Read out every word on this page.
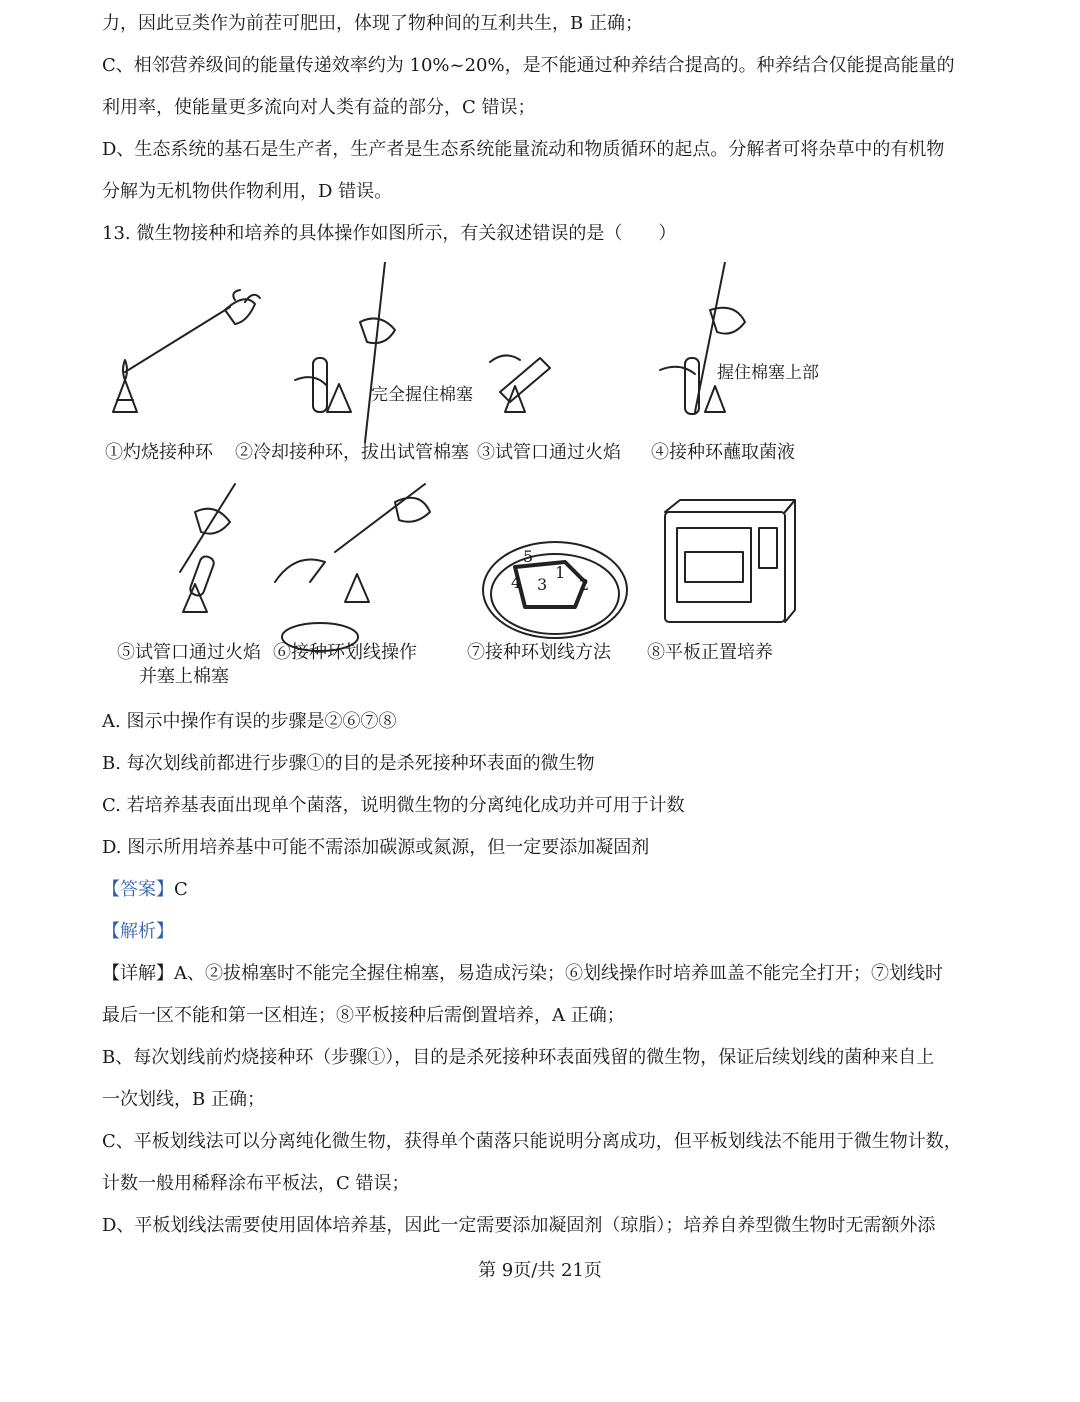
力，因此豆类作为前茬可肥田，体现了物种间的互利共生，B 正确；
C、相邻营养级间的能量传递效率约为 10%~20%，是不能通过种养结合提高的。种养结合仅能提高能量的
利用率，使能量更多流向对人类有益的部分，C 错误；
D、生态系统的基石是生产者，生产者是生态系统能量流动和物质循环的起点。分解者可将杂草中的有机物
分解为无机物供作物利用，D 错误。
13. 微生物接种和培养的具体操作如图所示，有关叙述错误的是（　　）
完全握住棉塞
握住棉塞上部
5
1
4 3 2
①灼烧接种环 ②冷却接种环，拔出试管棉塞 ③试管口通过火焰 ④接种环蘸取菌液
⑤试管口通过火焰
并塞上棉塞
⑥接种环划线操作	⑦接种环划线方法 ⑧平板正置培养
A. 图示中操作有误的步骤是②⑥⑦⑧
B. 每次划线前都进行步骤①的目的是杀死接种环表面的微生物
C. 若培养基表面出现单个菌落，说明微生物的分离纯化成功并可用于计数
D. 图示所用培养基中可能不需添加碳源或氮源，但一定要添加凝固剂
【答案】C
【解析】
【详解】A、②拔棉塞时不能完全握住棉塞，易造成污染；⑥划线操作时培养皿盖不能完全打开；⑦划线时
最后一区不能和第一区相连；⑧平板接种后需倒置培养，A 正确；
B、每次划线前灼烧接种环（步骤①），目的是杀死接种环表面残留的微生物，保证后续划线的菌种来自上
一次划线，B 正确；
C、平板划线法可以分离纯化微生物，获得单个菌落只能说明分离成功，但平板划线法不能用于微生物计数，
计数一般用稀释涂布平板法，C 错误；
D、平板划线法需要使用固体培养基，因此一定需要添加凝固剂（琼脂）；培养自养型微生物时无需额外添
第 9页/共 21页
